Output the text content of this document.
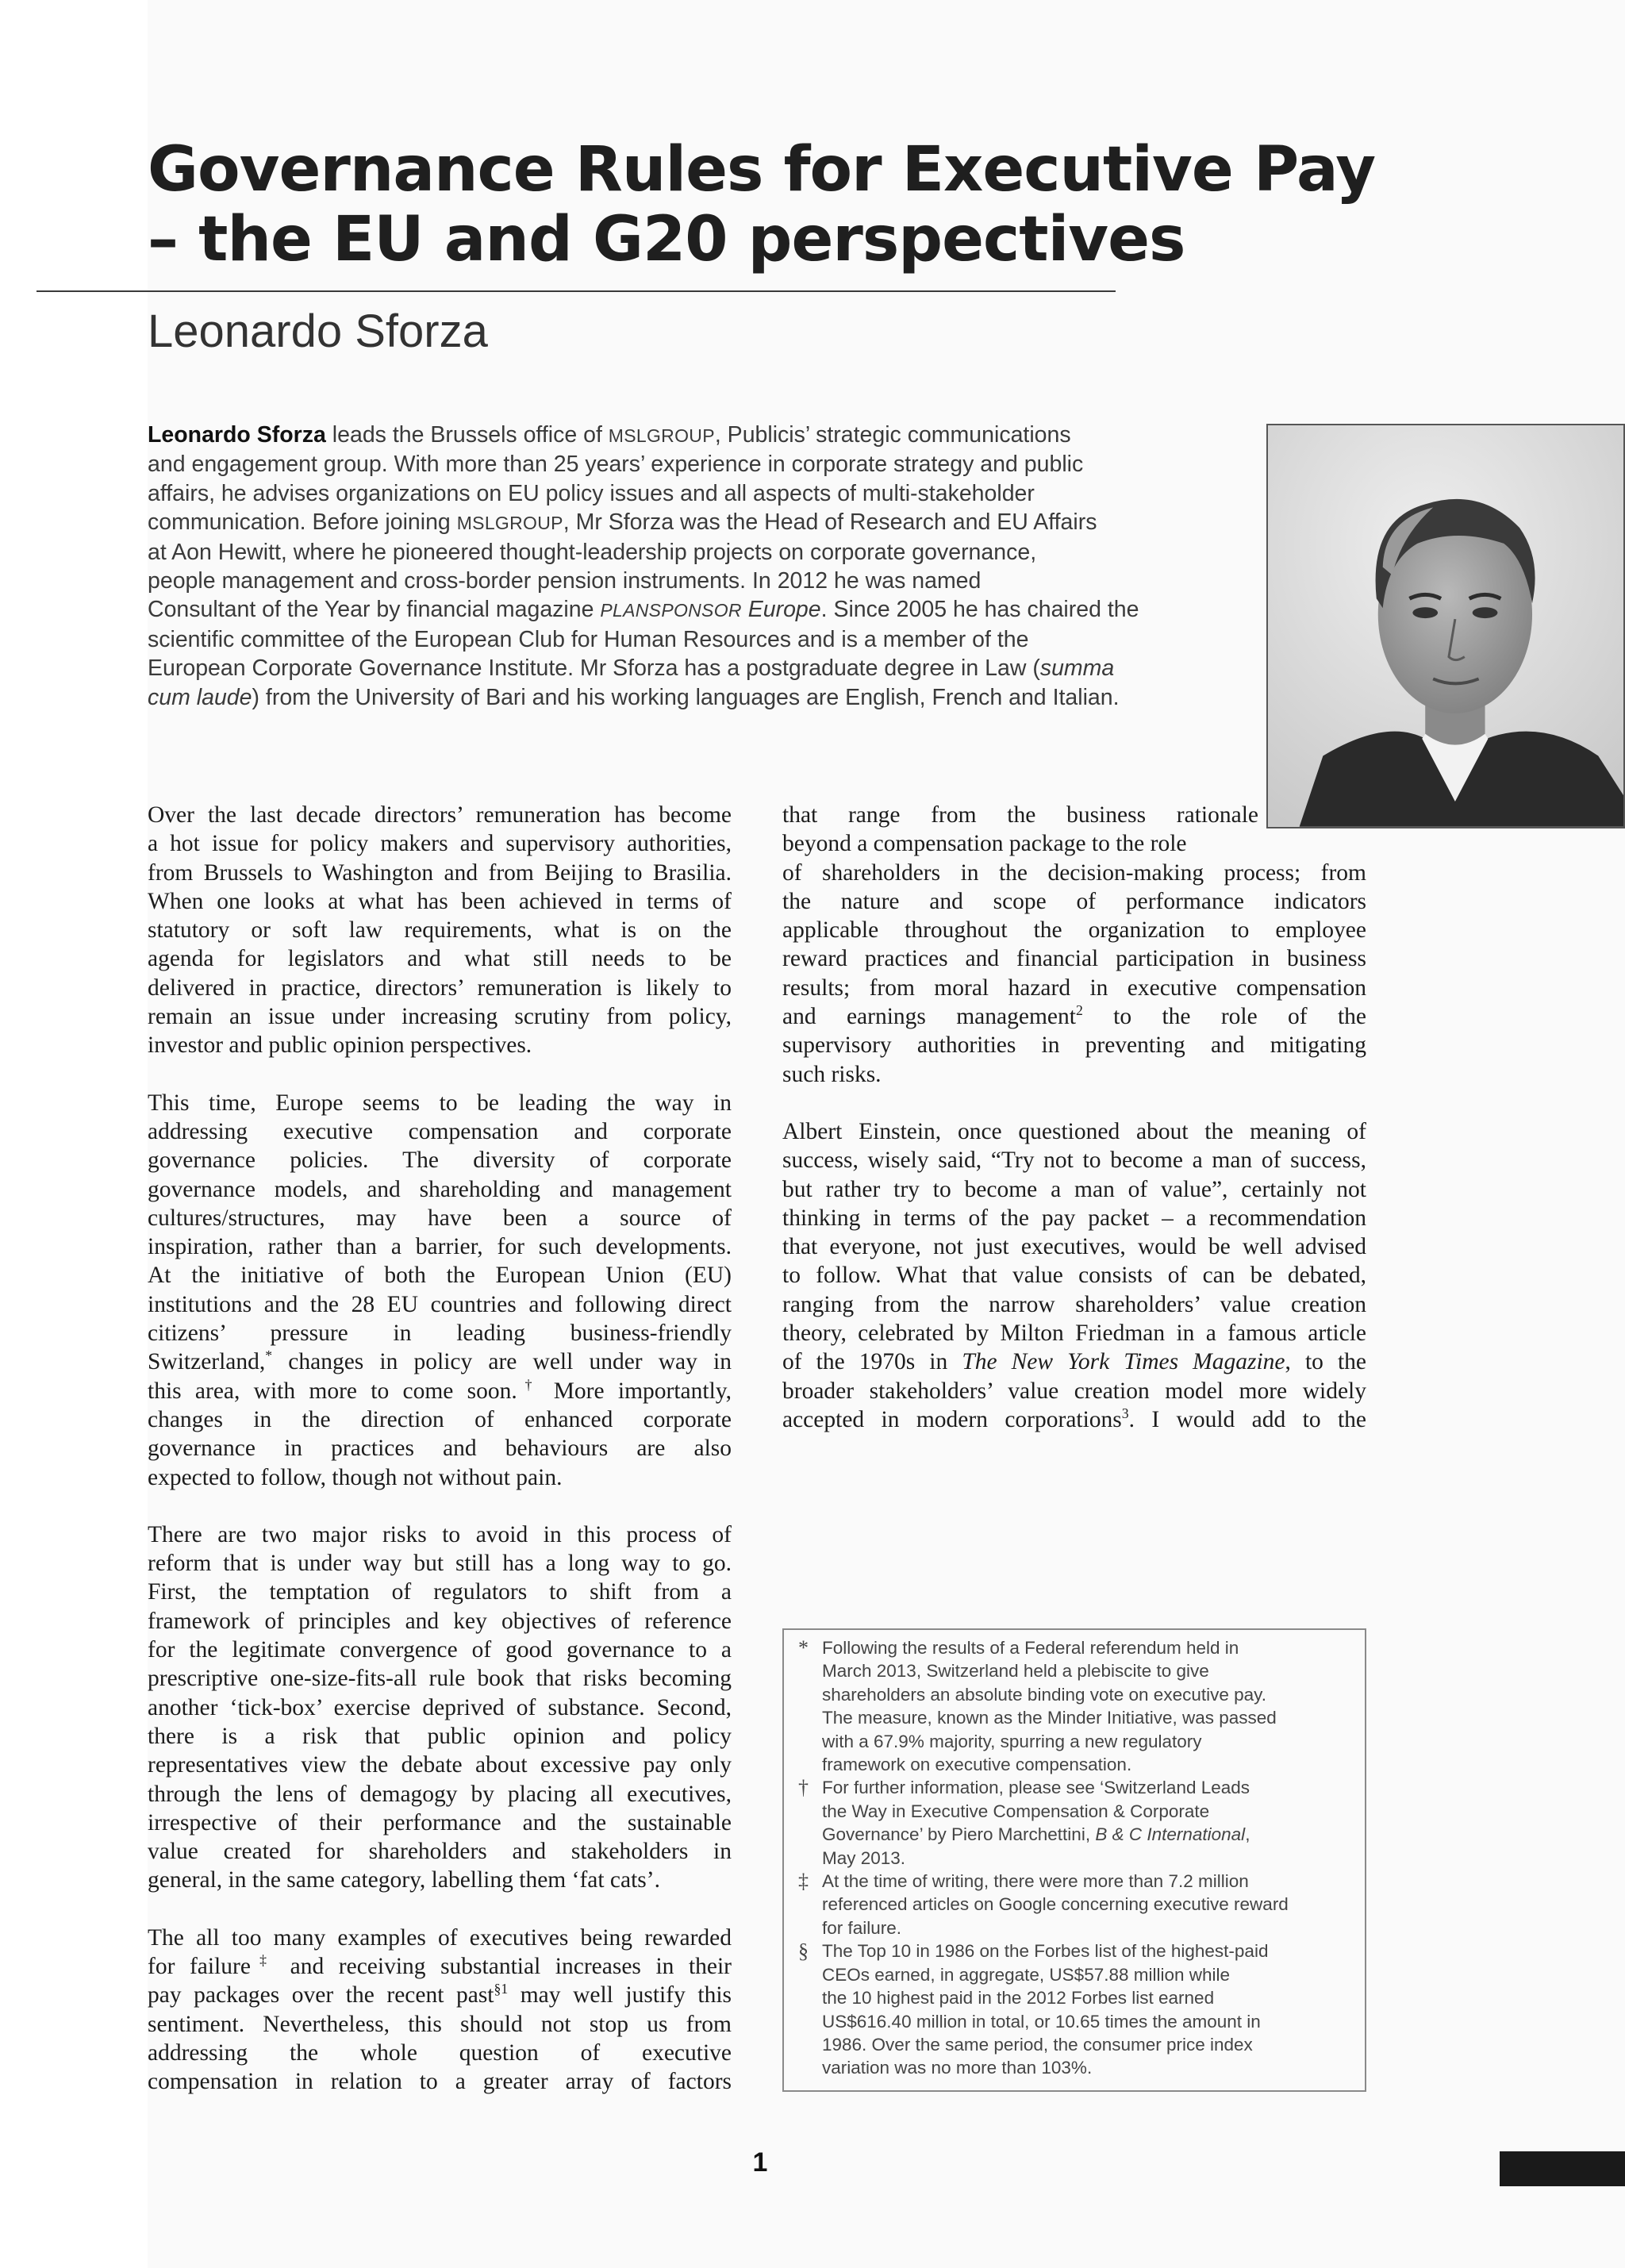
Governance Rules for Executive Pay
– the EU and G20 perspectives
Leonardo Sforza
Leonardo Sforza leads the Brussels office of MSLGROUP, Publicis’ strategic communications
and engagement group. With more than 25 years’ experience in corporate strategy and public
affairs, he advises organizations on EU policy issues and all aspects of multi-stakeholder
communication. Before joining MSLGROUP, Mr Sforza was the Head of Research and EU Affairs
at Aon Hewitt, where he pioneered thought-leadership projects on corporate governance,
people management and cross-border pension instruments. In 2012 he was named
Consultant of the Year by financial magazine PLANSPONSOR Europe. Since 2005 he has chaired the
scientific committee of the European Club for Human Resources and is a member of the
European Corporate Governance Institute. Mr Sforza has a postgraduate degree in Law (summa
cum laude) from the University of Bari and his working languages are English, French and Italian.
Over the last decade directors’ remuneration has become
a hot issue for policy makers and supervisory authorities,
from Brussels to Washington and from Beijing to Brasilia.
When one looks at what has been achieved in terms of
statutory or soft law requirements, what is on the
agenda for legislators and what still needs to be
delivered in practice, directors’ remuneration is likely to
remain an issue under increasing scrutiny from policy,
investor and public opinion perspectives.
This time, Europe seems to be leading the way in
addressing executive compensation and corporate
governance policies. The diversity of corporate
governance models, and shareholding and management
cultures/structures, may have been a source of
inspiration, rather than a barrier, for such developments.
At the initiative of both the European Union (EU)
institutions and the 28 EU countries and following direct
citizens’ pressure in leading business-friendly
Switzerland,* changes in policy are well under way in
this area, with more to come soon.† More importantly,
changes in the direction of enhanced corporate
governance in practices and behaviours are also
expected to follow, though not without pain.
There are two major risks to avoid in this process of
reform that is under way but still has a long way to go.
First, the temptation of regulators to shift from a
framework of principles and key objectives of reference
for the legitimate convergence of good governance to a
prescriptive one-size-fits-all rule book that risks becoming
another ‘tick-box’ exercise deprived of substance. Second,
there is a risk that public opinion and policy
representatives view the debate about excessive pay only
through the lens of demagogy by placing all executives,
irrespective of their performance and the sustainable
value created for shareholders and stakeholders in
general, in the same category, labelling them ‘fat cats’.
The all too many examples of executives being rewarded
for failure‡ and receiving substantial increases in their
pay packages over the recent past$^{\S 1}$ may well justify this
sentiment. Nevertheless, this should not stop us from
addressing the whole question of executive
compensation in relation to a greater array of factors
that range from the business rationale
beyond a compensation package to the role
of shareholders in the decision-making process; from
the nature and scope of performance indicators
applicable throughout the organization to employee
reward practices and financial participation in business
results; from moral hazard in executive compensation
and earnings management$^2$ to the role of the
supervisory authorities in preventing and mitigating
such risks.
Albert Einstein, once questioned about the meaning of
success, wisely said, “Try not to become a man of success,
but rather try to become a man of value”, certainly not
thinking in terms of the pay packet – a recommendation
that everyone, not just executives, would be well advised
to follow. What that value consists of can be debated,
ranging from the narrow shareholders’ value creation
theory, celebrated by Milton Friedman in a famous article
of the 1970s in The New York Times Magazine, to the
broader stakeholders’ value creation model more widely
accepted in modern corporations$^3$. I would add to the
* Following the results of a Federal referendum held in
March 2013, Switzerland held a plebiscite to give
shareholders an absolute binding vote on executive pay.
The measure, known as the Minder Initiative, was passed
with a 67.9% majority, spurring a new regulatory
framework on executive compensation.
† For further information, please see ‘Switzerland Leads
the Way in Executive Compensation & Corporate
Governance’ by Piero Marchettini, B & C International,
May 2013.
‡ At the time of writing, there were more than 7.2 million
referenced articles on Google concerning executive reward
for failure.
§ The Top 10 in 1986 on the Forbes list of the highest-paid
CEOs earned, in aggregate, US$57.88 million while
the 10 highest paid in the 2012 Forbes list earned
US$616.40 million in total, or 10.65 times the amount in
1986. Over the same period, the consumer price index
variation was no more than 103%.
1
